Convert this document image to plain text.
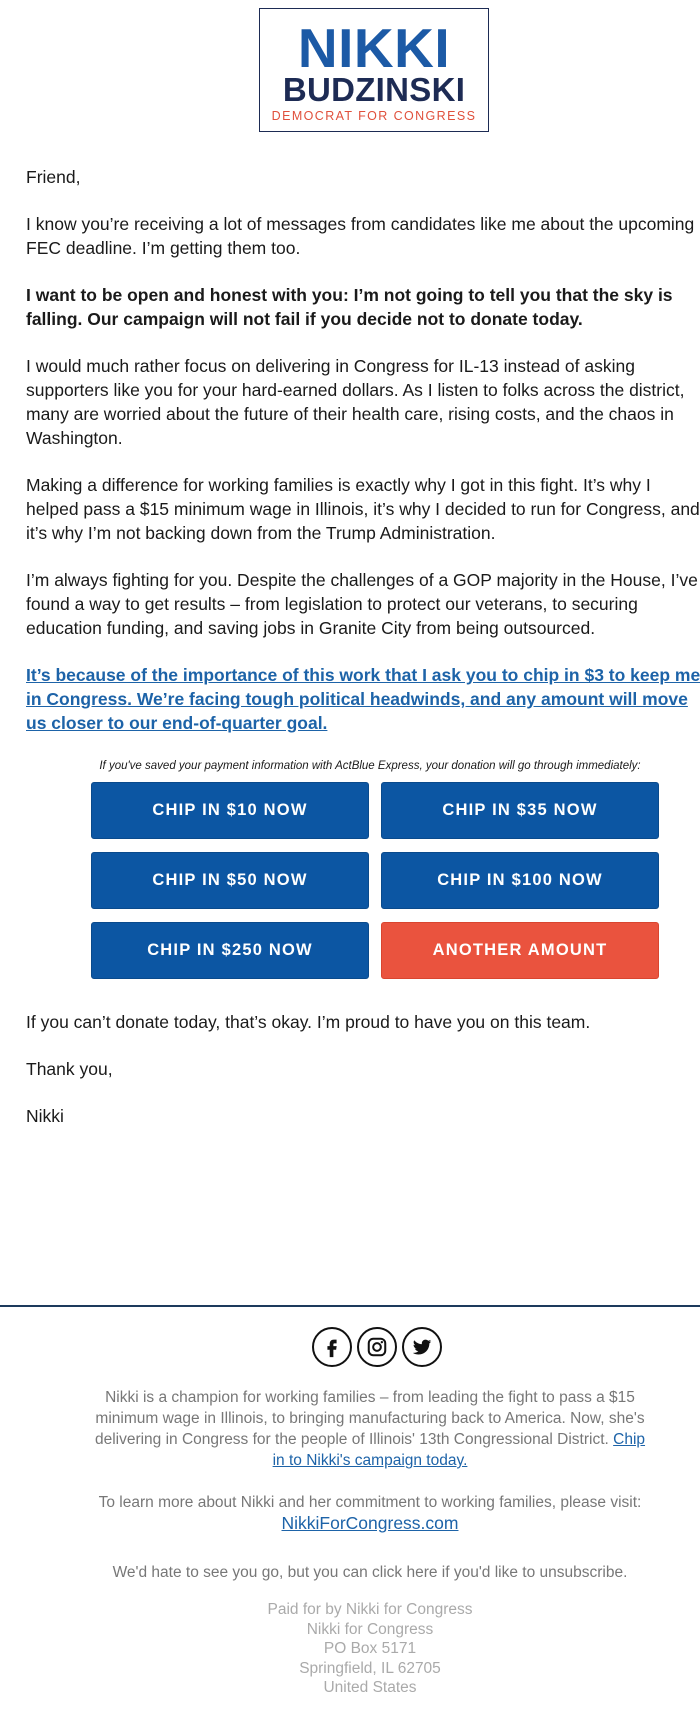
NIKKI
BUDZINSKI
DEMOCRAT FOR CONGRESS

Friend,

I know you’re receiving a lot of messages from candidates like me about the upcoming
FEC deadline. I’m getting them too.

I want to be open and honest with you: I’m not going to tell you that the sky is
falling. Our campaign will not fail if you decide not to donate today.

I would much rather focus on delivering in Congress for IL-13 instead of asking
supporters like you for your hard-earned dollars. As I listen to folks across the district,
many are worried about the future of their health care, rising costs, and the chaos in
Washington.

Making a difference for working families is exactly why I got in this fight. It’s why I
helped pass a $15 minimum wage in Illinois, it’s why I decided to run for Congress, and
it’s why I’m not backing down from the Trump Administration.

I’m always fighting for you. Despite the challenges of a GOP majority in the House, I’ve
found a way to get results – from legislation to protect our veterans, to securing
education funding, and saving jobs in Granite City from being outsourced.

It’s because of the importance of this work that I ask you to chip in $3 to keep me
in Congress. We’re facing tough political headwinds, and any amount will move
us closer to our end-of-quarter goal.

If you've saved your payment information with ActBlue Express, your donation will go through immediately:
CHIP IN $10 NOW	CHIP IN $35 NOW
CHIP IN $50 NOW	CHIP IN $100 NOW
CHIP IN $250 NOW	ANOTHER AMOUNT

If you can’t donate today, that’s okay. I’m proud to have you on this team.

Thank you,

Nikki

Nikki is a champion for working families – from leading the fight to pass a $15
minimum wage in Illinois, to bringing manufacturing back to America. Now, she's
delivering in Congress for the people of Illinois' 13th Congressional District. Chip
in to Nikki's campaign today.
To learn more about Nikki and her commitment to working families, please visit:
NikkiForCongress.com
We'd hate to see you go, but you can click here if you'd like to unsubscribe.
Paid for by Nikki for Congress
Nikki for Congress
PO Box 5171
Springfield, IL 62705
United States
